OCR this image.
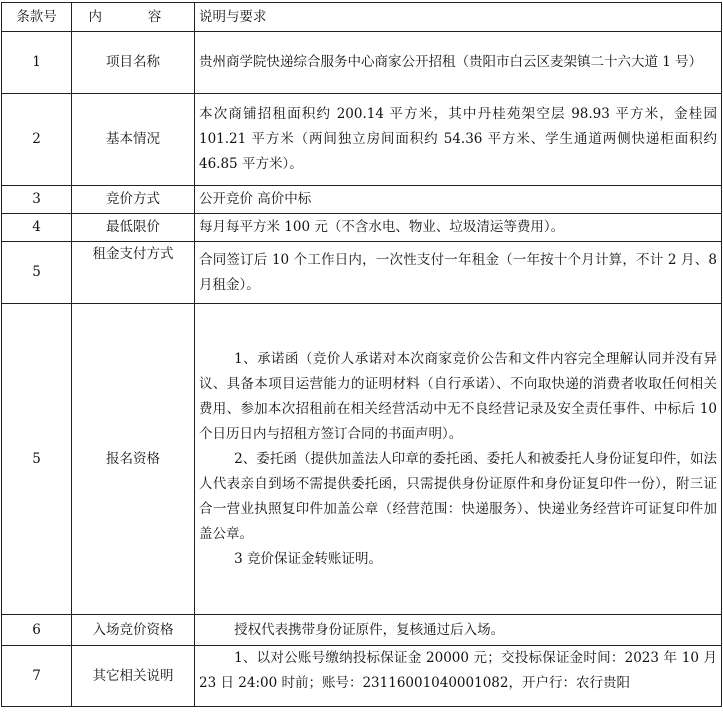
条款号	内　容	说明与要求
1	项目名称	贵州商学院快递综合服务中心商家公开招租（贵阳市白云区麦架镇二十六大道 1 号）

2	基本情况	本次商铺招租面积约 200.14 平方米，其中丹桂苑架空层 98.93 平方米，金桂园 101.21 平方米（两间独立房间面积约 54.36 平方米、学生通道两侧快递柜面积约 46.85 平方米）。

3	竞价方式	公开竞价 高价中标

4	最低限价	每月每平方米 100 元（不含水电、物业、垃圾清运等费用）。

5	租金支付方式	合同签订后 10 个工作日内，一次性支付一年租金（一年按十个月计算，不计 2 月、8 月租金）。

5	报名资格	1、承诺函（竞价人承诺对本次商家竞价公告和文件内容完全理解认同并没有异议、具备本项目运营能力的证明材料（自行承诺）、不向取快递的消费者收取任何相关费用、参加本次招租前在相关经营活动中无不良经营记录及安全责任事件、中标后 10 个日历日内与招租方签订合同的书面声明）。

2、委托函（提供加盖法人印章的委托函、委托人和被委托人身份证复印件，如法人代表亲自到场不需提供委托函，只需提供身份证原件和身份证复印件一份），附三证合一营业执照复印件加盖公章（经营范围：快递服务）、快递业务经营许可证复印件加盖公章。

3 竞价保证金转账证明。

6	入场竞价资格	授权代表携带身份证原件，复核通过后入场。

7	其它相关说明	1、以对公账号缴纳投标保证金 20000 元；交投标保证金时间：2023 年 10 月 23 日 24:00 时前；账号：23116001040001082，开户行：农行贵阳
